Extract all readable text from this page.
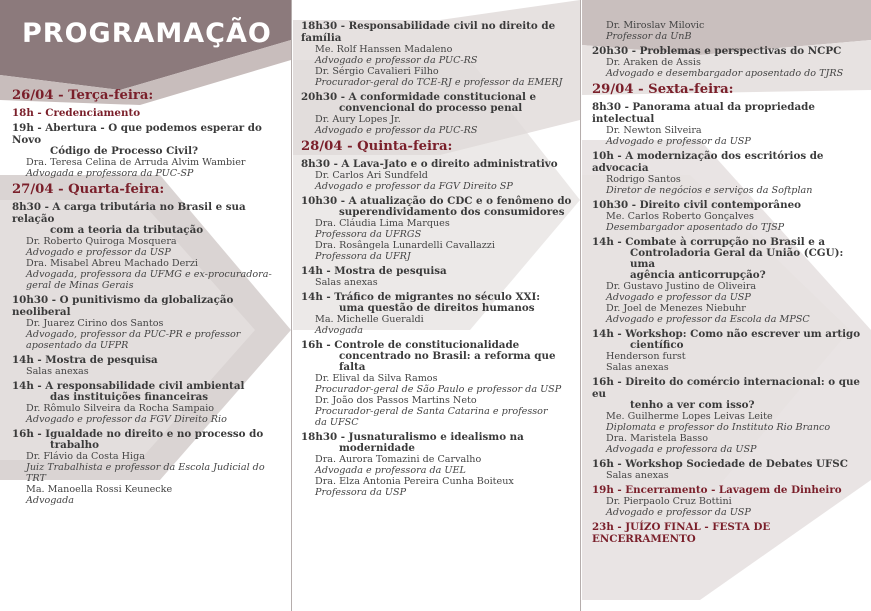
PROGRAMAÇÃO
26/04 - Terça-feira:
18h - Credenciamento
19h - Abertura - O que podemos esperar do Novo
Código de Processo Civil?
Dra. Teresa Celina de Arruda Alvim Wambier
Advogada e professora da PUC-SP
27/04 - Quarta-feira:
8h30 - A carga tributária no Brasil e sua relação
com a teoria da tributação
Dr. Roberto Quiroga Mosquera
Advogado e professor da USP
Dra. Misabel Abreu Machado Derzi
Advogada, professora da UFMG e ex-procuradora-
geral de Minas Gerais
10h30 - O punitivismo da globalização neoliberal
Dr. Juarez Cirino dos Santos
Advogado, professor da PUC-PR e professor
aposentado da UFPR
14h - Mostra de pesquisa
Salas anexas
14h - A responsabilidade civil ambiental
das instituições financeiras
Dr. Rômulo Silveira da Rocha Sampaio
Advogado e professor da FGV Direito Rio
16h - Igualdade no direito e no processo do
trabalho
Dr. Flávio da Costa Higa
Juiz Trabalhista e professor da Escola Judicial do
TRT
Ma. Manoella Rossi Keunecke
Advogada
18h30 - Responsabilidade civil no direito de família
Me. Rolf Hanssen Madaleno
Advogado e professor da PUC-RS
Dr. Sérgio Cavalieri Filho
Procurador-geral do TCE-RJ e professor da EMERJ
20h30 - A conformidade constitucional e
convencional do processo penal
Dr. Aury Lopes Jr.
Advogado e professor da PUC-RS
28/04 - Quinta-feira:
8h30 - A Lava-Jato e o direito administrativo
Dr. Carlos Ari Sundfeld
Advogado e professor da FGV Direito SP
10h30 - A atualização do CDC e o fenômeno do
superendividamento dos consumidores
Dra. Cláudia Lima Marques
Professora da UFRGS
Dra. Rosângela Lunardelli Cavallazzi
Professora da UFRJ
14h - Mostra de pesquisa
Salas anexas
14h - Tráfico de migrantes no século XXI:
uma questão de direitos humanos
Ma. Michelle Gueraldi
Advogada
16h - Controle de constitucionalidade
concentrado no Brasil: a reforma que falta
Dr. Elival da Silva Ramos
Procurador-geral de São Paulo e professor da USP
Dr. João dos Passos Martins Neto
Procurador-geral de Santa Catarina e professor
da UFSC
18h30 - Jusnaturalismo e idealismo na
modernidade
Dra. Aurora Tomazini de Carvalho
Advogada e professora da UEL
Dra. Elza Antonia Pereira Cunha Boiteux
Professora da USP
Dr. Miroslav Milovic
Professor da UnB
20h30 - Problemas e perspectivas do NCPC
Dr. Araken de Assis
Advogado e desembargador aposentado do TJRS
29/04 - Sexta-feira:
8h30 - Panorama atual da propriedade intelectual
Dr. Newton Silveira
Advogado e professor da USP
10h - A modernização dos escritórios de advocacia
Rodrigo Santos
Diretor de negócios e serviços da Softplan
10h30 - Direito civil contemporâneo
Me. Carlos Roberto Gonçalves
Desembargador aposentado do TJSP
14h - Combate à corrupção no Brasil e a
Controladoria Geral da União (CGU): uma
agência anticorrupção?
Dr. Gustavo Justino de Oliveira
Advogado e professor da USP
Dr. Joel de Menezes Niebuhr
Advogado e professor da Escola da MPSC
14h - Workshop: Como não escrever um artigo
científico
Henderson furst
Salas anexas
16h - Direito do comércio internacional: o que eu
tenho a ver com isso?
Me. Guilherme Lopes Leivas Leite
Diplomata e professor do Instituto Rio Branco
Dra. Maristela Basso
Advogada e professora da USP
16h - Workshop Sociedade de Debates UFSC
Salas anexas
19h - Encerramento - Lavagem de Dinheiro
Dr. Pierpaolo Cruz Bottini
Advogado e professor da USP
23h - JUÍZO FINAL - FESTA DE ENCERRAMENTO
